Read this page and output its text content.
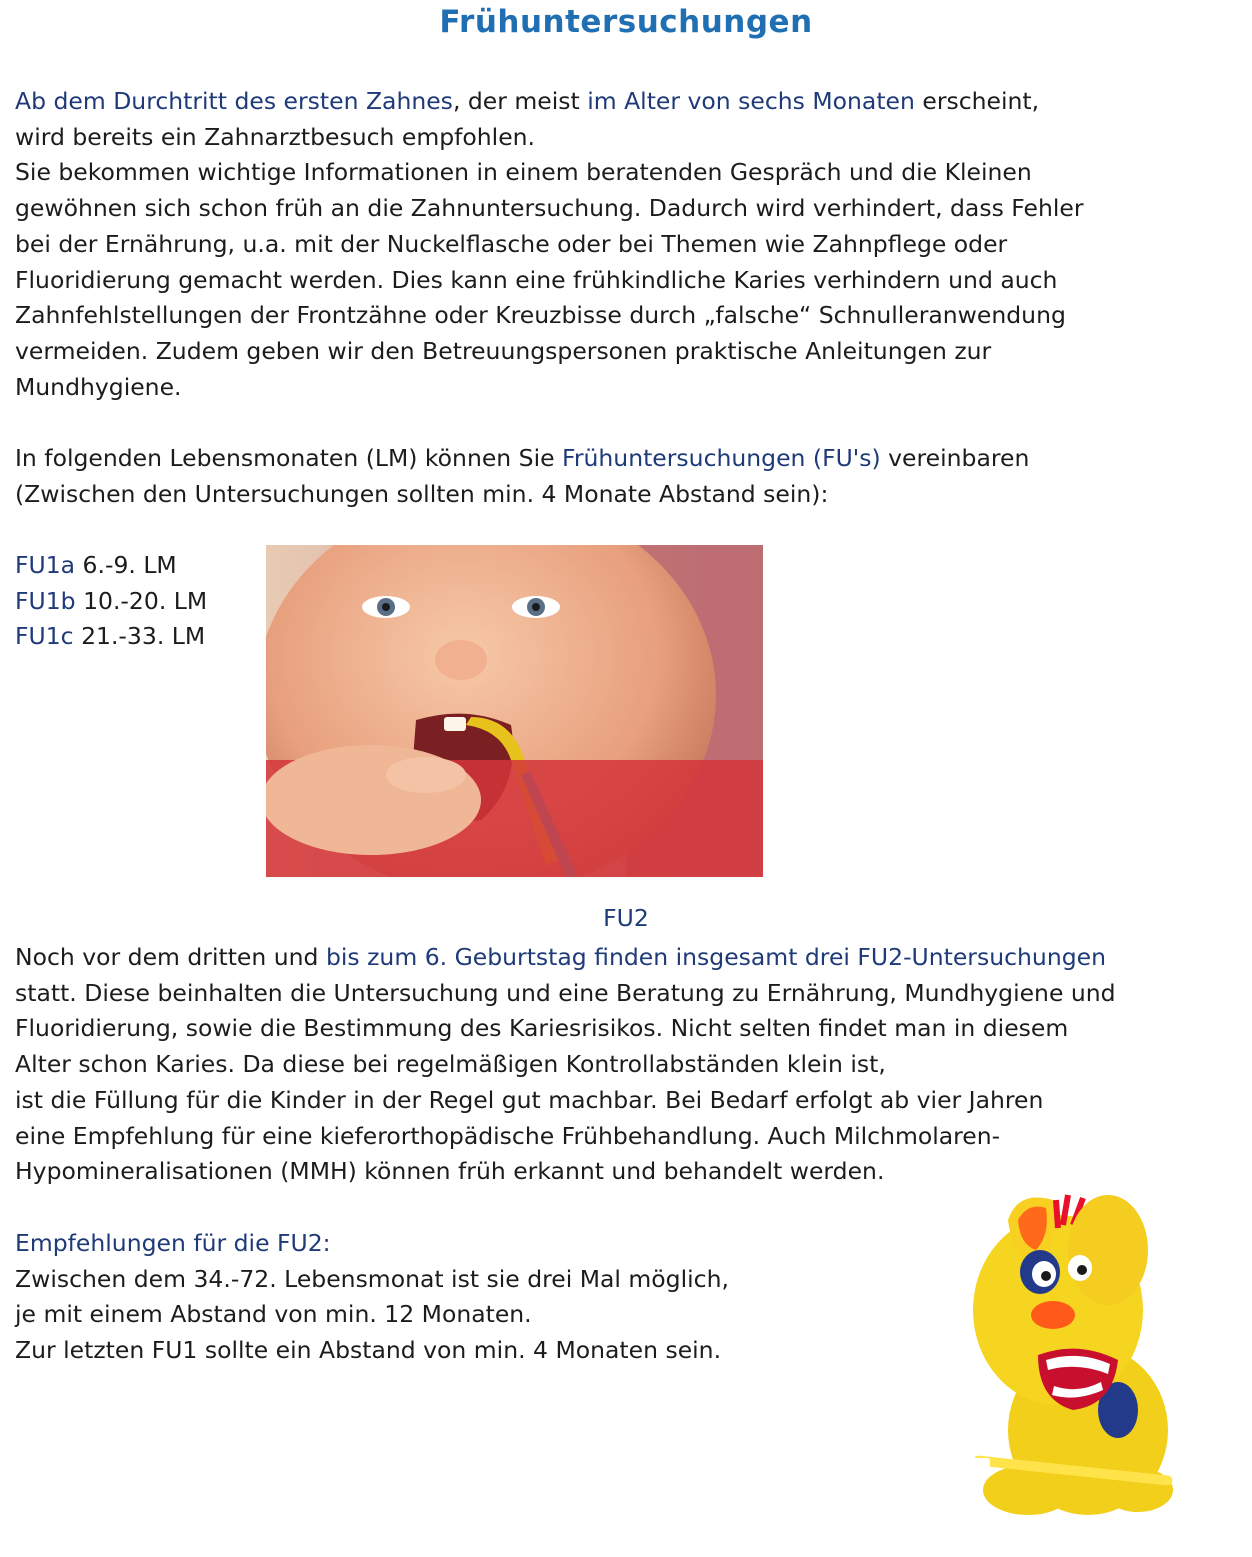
Frühuntersuchungen
Ab dem Durchtritt des ersten Zahnes, der meist im Alter von sechs Monaten erscheint,
wird bereits ein Zahnarztbesuch empfohlen.
Sie bekommen wichtige Informationen in einem beratenden Gespräch und die Kleinen
gewöhnen sich schon früh an die Zahnuntersuchung. Dadurch wird verhindert, dass Fehler
bei der Ernährung, u.a. mit der Nuckelflasche oder bei Themen wie Zahnpflege oder
Fluoridierung gemacht werden. Dies kann eine frühkindliche Karies verhindern und auch
Zahnfehlstellungen der Frontzähne oder Kreuzbisse durch „falsche“ Schnulleranwendung
vermeiden. Zudem geben wir den Betreuungspersonen praktische Anleitungen zur
Mundhygiene.
In folgenden Lebensmonaten (LM) können Sie Frühuntersuchungen (FU's) vereinbaren
(Zwischen den Untersuchungen sollten min. 4 Monate Abstand sein):
FU1a 6.-9. LM
FU1b 10.-20. LM
FU1c 21.-33. LM
FU2
Noch vor dem dritten und bis zum 6. Geburtstag finden insgesamt drei FU2-Untersuchungen
statt. Diese beinhalten die Untersuchung und eine Beratung zu Ernährung, Mundhygiene und
Fluoridierung, sowie die Bestimmung des Kariesrisikos. Nicht selten findet man in diesem
Alter schon Karies. Da diese bei regelmäßigen Kontrollabständen klein ist,
ist die Füllung für die Kinder in der Regel gut machbar. Bei Bedarf erfolgt ab vier Jahren
eine Empfehlung für eine kieferorthopädische Frühbehandlung. Auch Milchmolaren-
Hypomineralisationen (MMH) können früh erkannt und behandelt werden.
Empfehlungen für die FU2:
Zwischen dem 34.-72. Lebensmonat ist sie drei Mal möglich,
je mit einem Abstand von min. 12 Monaten.
Zur letzten FU1 sollte ein Abstand von min. 4 Monaten sein.
